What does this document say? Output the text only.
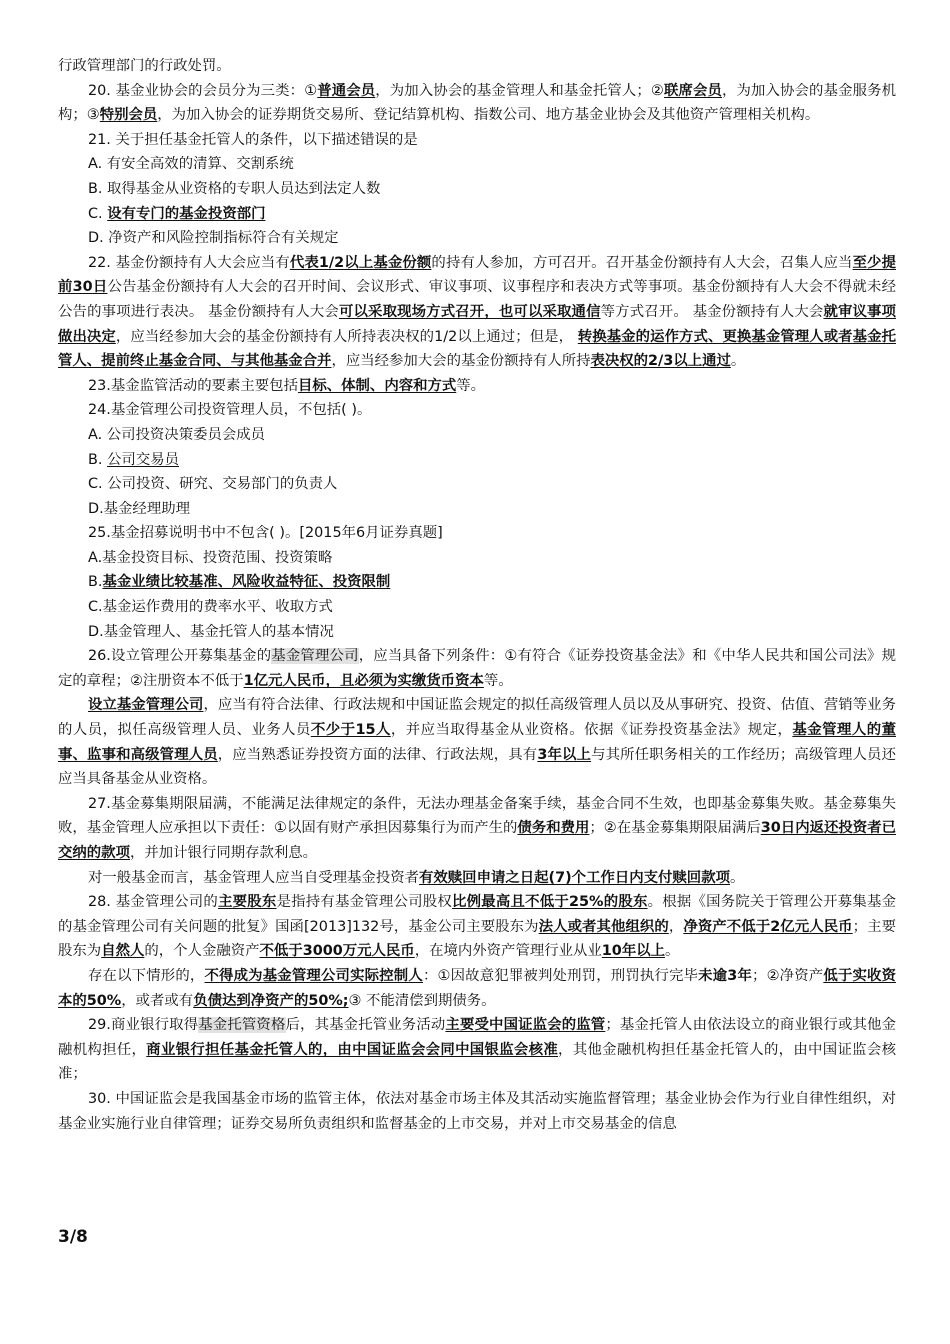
行政管理部门的行政处罚。

20. 基金业协会的会员分为三类：①普通会员，为加入协会的基金管理人和基金托管人；②联席会员，为加入协会的基金服务机构；③特别会员，为加入协会的证券期货交易所、登记结算机构、指数公司、地方基金业协会及其他资产管理相关机构。

21. 关于担任基金托管人的条件，以下描述错误的是

A. 有安全高效的清算、交割系统

B. 取得基金从业资格的专职人员达到法定人数

C. 设有专门的基金投资部门

D. 净资产和风险控制指标符合有关规定

22. 基金份额持有人大会应当有代表1/2以上基金份额的持有人参加，方可召开。召开基金份额持有人大会，召集人应当至少提前30日公告基金份额持有人大会的召开时间、会议形式、审议事项、议事程序和表决方式等事项。基金份额持有人大会不得就未经公告的事项进行表决。 基金份额持有人大会可以采取现场方式召开，也可以采取通信等方式召开。 基金份额持有人大会就审议事项做出决定，应当经参加大会的基金份额持有人所持表决权的1/2以上通过；但是， 转换基金的运作方式、更换基金管理人或者基金托管人、提前终止基金合同、与其他基金合并，应当经参加大会的基金份额持有人所持表决权的2/3以上通过。

23.基金监管活动的要素主要包括目标、体制、内容和方式等。

24.基金管理公司投资管理人员，不包括( )。

A. 公司投资决策委员会成员

B. 公司交易员

C. 公司投资、研究、交易部门的负责人

D.基金经理助理

25.基金招募说明书中不包含( )。[2015年6月证券真题]

A.基金投资目标、投资范围、投资策略

B.基金业绩比较基准、风险收益特征、投资限制

C.基金运作费用的费率水平、收取方式

D.基金管理人、基金托管人的基本情况

26.设立管理公开募集基金的基金管理公司，应当具备下列条件：①有符合《证券投资基金法》和《中华人民共和国公司法》规定的章程；②注册资本不低于1亿元人民币，且必须为实缴货币资本等。

设立基金管理公司，应当有符合法律、行政法规和中国证监会规定的拟任高级管理人员以及从事研究、投资、估值、营销等业务的人员，拟任高级管理人员、业务人员不少于15人，并应当取得基金从业资格。依据《证券投资基金法》规定，基金管理人的董事、监事和高级管理人员，应当熟悉证券投资方面的法律、行政法规，具有3年以上与其所任职务相关的工作经历；高级管理人员还应当具备基金从业资格。

27.基金募集期限届满，不能满足法律规定的条件，无法办理基金备案手续，基金合同不生效，也即基金募集失败。基金募集失败，基金管理人应承担以下责任：①以固有财产承担因募集行为而产生的债务和费用；②在基金募集期限届满后30日内返还投资者已交纳的款项，并加计银行同期存款利息。

对一般基金而言，基金管理人应当自受理基金投资者有效赎回申请之日起(7)个工作日内支付赎回款项。

28. 基金管理公司的主要股东是指持有基金管理公司股权比例最高且不低于25%的股东。根据《国务院关于管理公开募集基金的基金管理公司有关问题的批复》国函[2013]132号，基金公司主要股东为法人或者其他组织的，净资产不低于2亿元人民币；主要股东为自然人的，个人金融资产不低于3000万元人民币，在境内外资产管理行业从业10年以上。

存在以下情形的，不得成为基金管理公司实际控制人：①因故意犯罪被判处刑罚，刑罚执行完毕未逾3年；②净资产低于实收资本的50%，或者或有负债达到净资产的50%;③ 不能清偿到期债务。

29.商业银行取得基金托管资格后，其基金托管业务活动主要受中国证监会的监管；基金托管人由依法设立的商业银行或其他金融机构担任，商业银行担任基金托管人的，由中国证监会会同中国银监会核准，其他金融机构担任基金托管人的，由中国证监会核准；

30. 中国证监会是我国基金市场的监管主体，依法对基金市场主体及其活动实施监督管理；基金业协会作为行业自律性组织，对基金业实施行业自律管理；证券交易所负责组织和监督基金的上市交易，并对上市交易基金的信息

3/8
